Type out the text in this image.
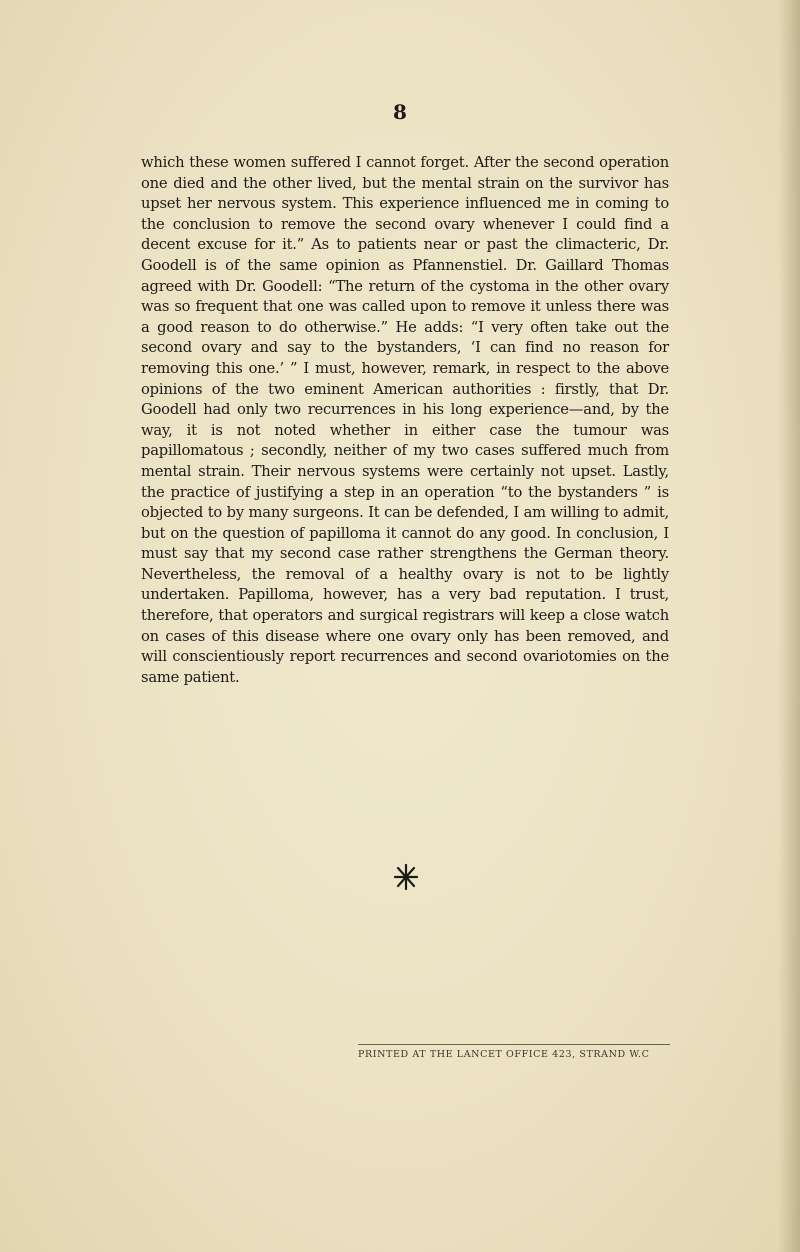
8

which these women suffered I cannot forget. After the second operation one died and the other lived, but the mental strain on the survivor has upset her nervous system. This experience influenced me in coming to the conclusion to remove the second ovary whenever I could find a decent excuse for it.” As to patients near or past the climacteric, Dr. Goodell is of the same opinion as Pfannenstiel. Dr. Gaillard Thomas agreed with Dr. Goodell: “The return of the cystoma in the other ovary was so frequent that one was called upon to remove it unless there was a good reason to do otherwise.” He adds: “I very often take out the second ovary and say to the bystanders, ‘I can find no reason for removing this one.’ ” I must, however, remark, in respect to the above opinions of the two eminent American authorities : firstly, that Dr. Goodell had only two recurrences in his long experience—and, by the way, it is not noted whether in either case the tumour was papillomatous ; secondly, neither of my two cases suffered much from mental strain. Their nervous systems were certainly not upset. Lastly, the practice of justifying a step in an operation “to the bystanders ” is objected to by many surgeons. It can be defended, I am willing to admit, but on the question of papilloma it cannot do any good. In conclusion, I must say that my second case rather strengthens the German theory. Nevertheless, the removal of a healthy ovary is not to be lightly undertaken. Papilloma, however, has a very bad reputation. I trust, therefore, that operators and surgical registrars will keep a close watch on cases of this disease where one ovary only has been removed, and will conscientiously report recurrences and second ovariotomies on the same patient.

PRINTED AT THE LANCET OFFICE 423, STRAND W.C
